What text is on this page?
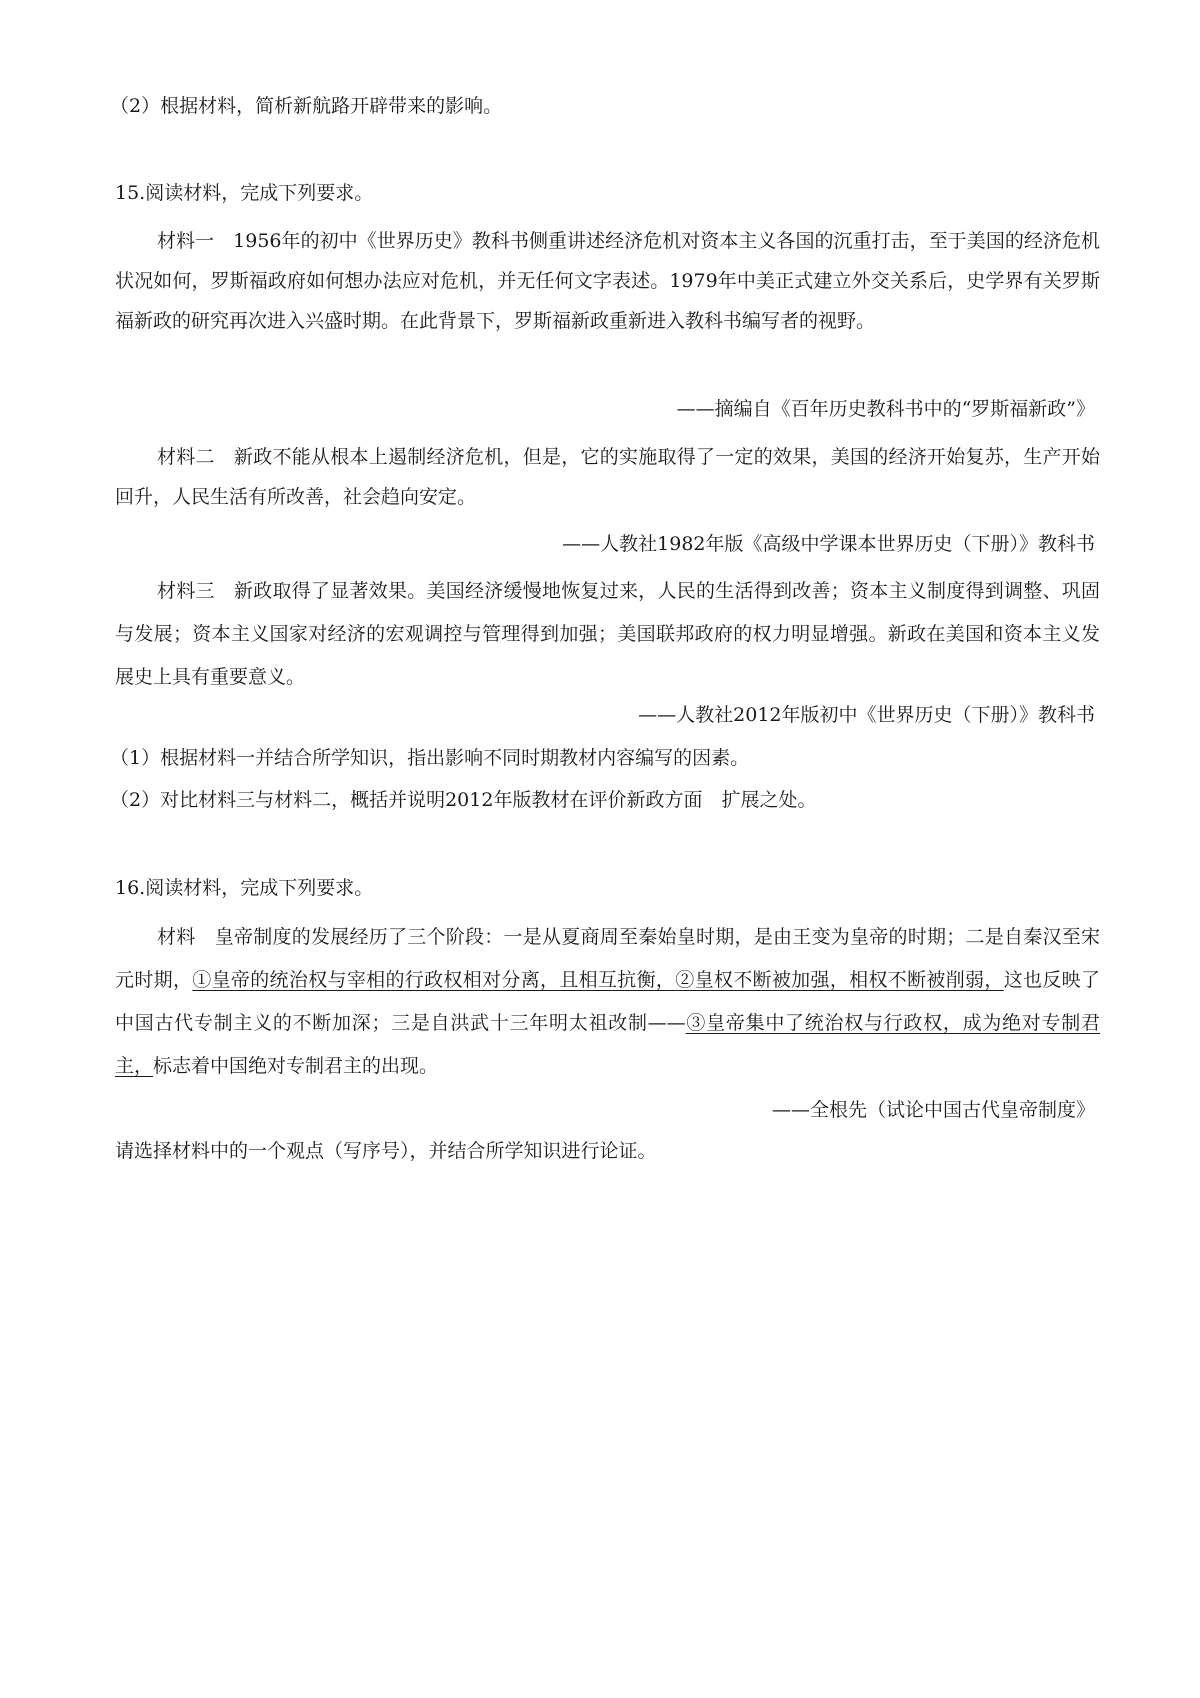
（2）根据材料，简析新航路开辟带来的影响。
15.阅读材料，完成下列要求。
材料一　1956年的初中《世界历史》教科书侧重讲述经济危机对资本主义各国的沉重打击，至于美国的经济危机状况如何，罗斯福政府如何想办法应对危机，并无任何文字表述。1979年中美正式建立外交关系后，史学界有关罗斯福新政的研究再次进入兴盛时期。在此背景下，罗斯福新政重新进入教科书编写者的视野。
——摘编自《百年历史教科书中的“罗斯福新政”》
材料二　新政不能从根本上遏制经济危机，但是，它的实施取得了一定的效果，美国的经济开始复苏，生产开始回升，人民生活有所改善，社会趋向安定。
——人教社1982年版《高级中学课本世界历史（下册）》教科书
材料三　新政取得了显著效果。美国经济缓慢地恢复过来，人民的生活得到改善；资本主义制度得到调整、巩固与发展；资本主义国家对经济的宏观调控与管理得到加强；美国联邦政府的权力明显增强。新政在美国和资本主义发展史上具有重要意义。
——人教社2012年版初中《世界历史（下册）》教科书
（1）根据材料一并结合所学知识，指出影响不同时期教材内容编写的因素。
（2）对比材料三与材料二，概括并说明2012年版教材在评价新政方面　扩展之处。
16.阅读材料，完成下列要求。
材料　皇帝制度的发展经历了三个阶段：一是从夏商周至秦始皇时期，是由王变为皇帝的时期；二是自秦汉至宋元时期，①皇帝的统治权与宰相的行政权相对分离，且相互抗衡，②皇权不断被加强，相权不断被削弱，这也反映了中国古代专制主义的不断加深；三是自洪武十三年明太祖改制——③皇帝集中了统治权与行政权，成为绝对专制君主，标志着中国绝对专制君主的出现。
——全根先（试论中国古代皇帝制度》
请选择材料中的一个观点（写序号），并结合所学知识进行论证。
